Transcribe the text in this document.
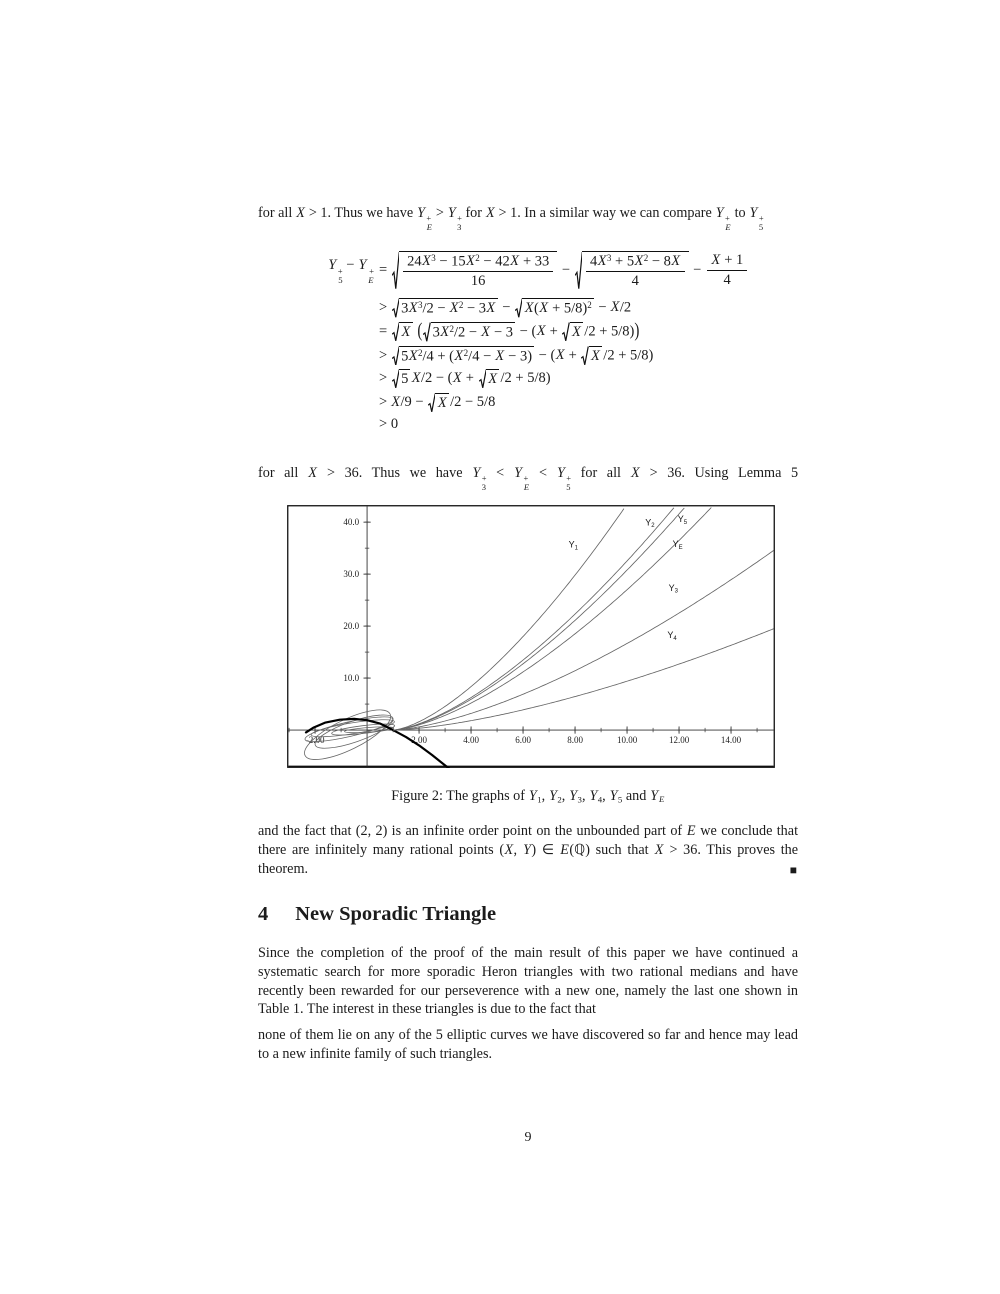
for all X > 1. Thus we have Y +
E
> Y +
3
for X > 1. In a similar way we can compare Y +
E
to Y +
5

Y +
5
− Y +
E
= $\frac{24X^3 - 15X^2 - 42X + 33}{16} - \frac{4X^3 + 5X^2 - 8X}{4} - \frac{X + 1}{4}$
> $3X^3/2 - X^2 - 3X - X(X + 5/8)^2 - X/2$
= X ( $3X^2/2 - X - 3 - (X + X$ /2 + 5/8))
> $5X^2/4 + (X^2/4 - X - 3) - (X + X$ /2 + 5/8)
> 5 X/2 − (X + X /2 + 5/8)
> X/9 − X /2 − 5/8
> 0

for all X > 36. Thus we have Y +
3
< Y +
E
< Y +
5
for all X > 36. Using Lemma 5

-2.00	2.00	4.00	6.00	8.00	10.00	12.00	14.00
10.0
20.0
30.0
40.0
$Y_1$
$Y_2$
$Y_5$
$Y_E$
$Y_3$
$Y_4$
Figure 2: The graphs of Y1, Y2, Y3, Y4, Y5 and YE

and the fact that (2, 2) is an infinite order point on the unbounded part of E we conclude that there are infinitely many rational points (X, Y) ∈ E(ℚ) such that X > 36. This proves the theorem.	■
4 New Sporadic Triangle

Since the completion of the proof of the main result of this paper we have continued a systematic search for more sporadic Heron triangles with two rational medians and have recently been rewarded for our perseverence with a new one, namely the last one shown in Table 1. The interest in these triangles is due to the fact that

none of them lie on any of the 5 elliptic curves we have discovered so far and hence may lead to a new infinite family of such triangles.

9
